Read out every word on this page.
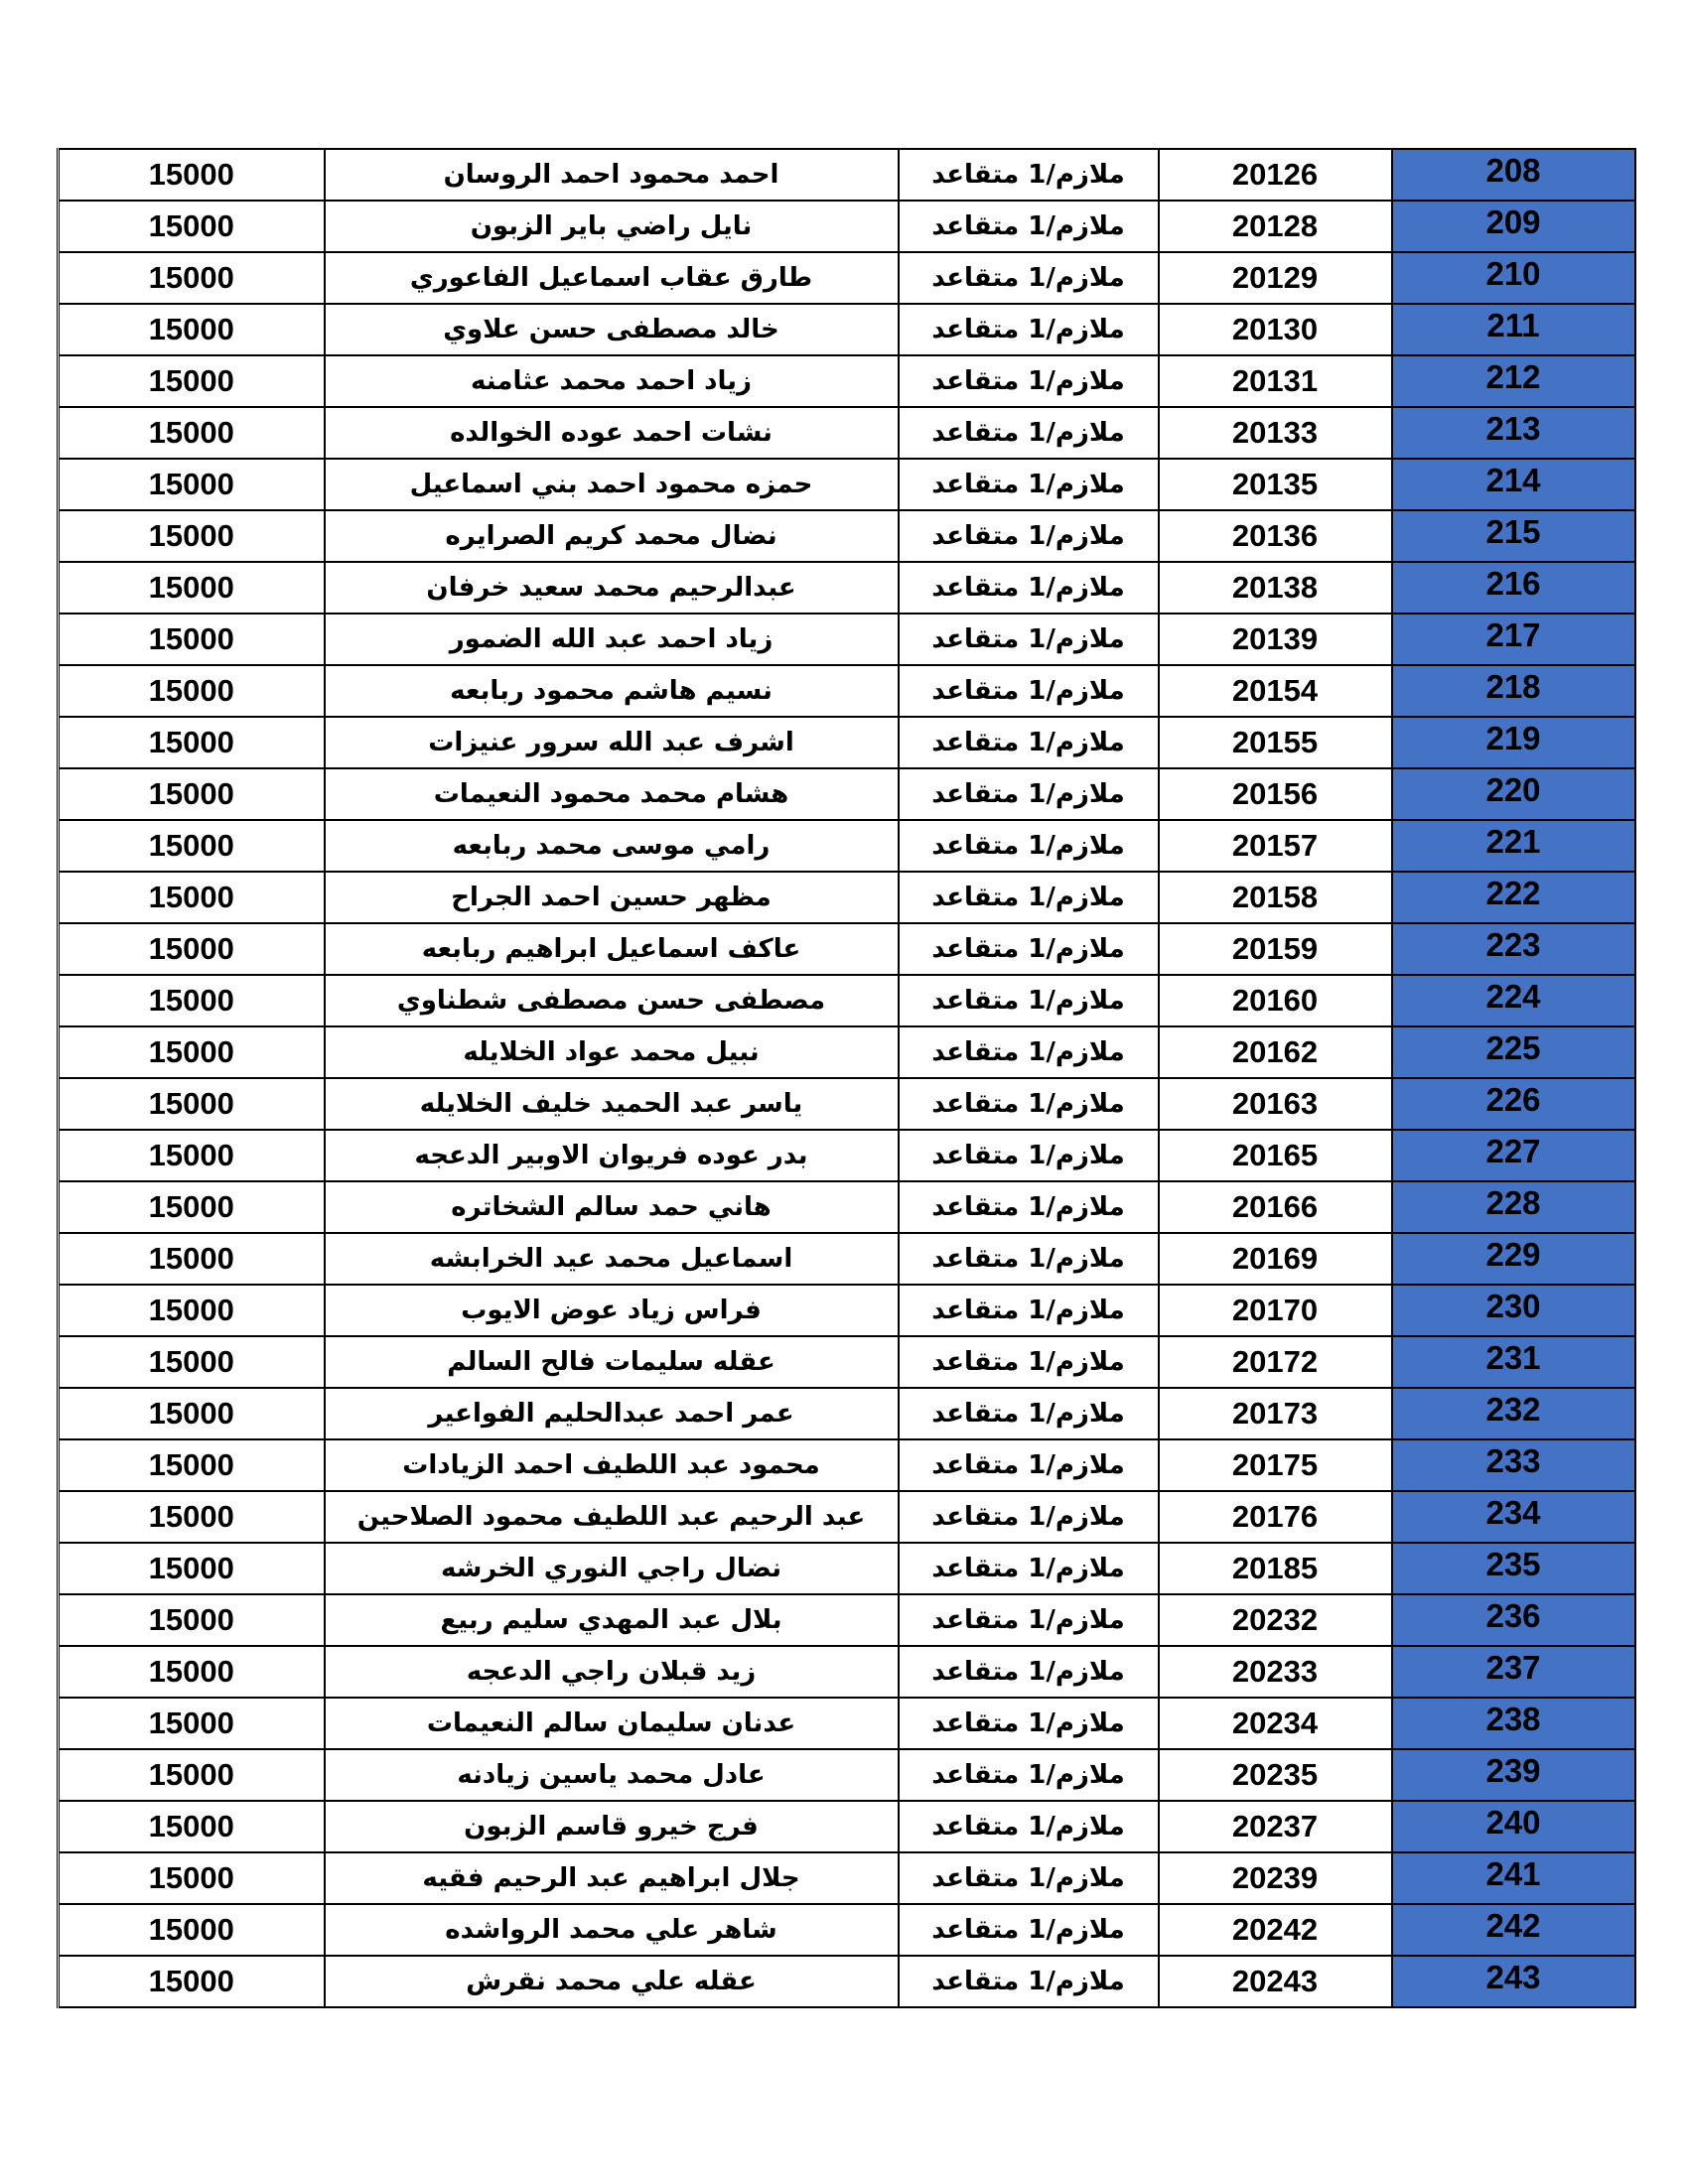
15000	احمد محمود احمد الروسان	ملازم/1 متقاعد	20126	208
15000	نايل راضي باير الزبون	ملازم/1 متقاعد	20128	209
15000	طارق عقاب اسماعيل الفاعوري	ملازم/1 متقاعد	20129	210
15000	خالد مصطفى حسن علاوي	ملازم/1 متقاعد	20130	211
15000	زياد احمد محمد عثامنه	ملازم/1 متقاعد	20131	212
15000	نشات احمد عوده الخوالده	ملازم/1 متقاعد	20133	213
15000	حمزه محمود احمد بني اسماعيل	ملازم/1 متقاعد	20135	214
15000	نضال محمد كريم الصرايره	ملازم/1 متقاعد	20136	215
15000	عبدالرحيم محمد سعيد خرفان	ملازم/1 متقاعد	20138	216
15000	زياد احمد عبد الله الضمور	ملازم/1 متقاعد	20139	217
15000	نسيم هاشم محمود ربابعه	ملازم/1 متقاعد	20154	218
15000	اشرف عبد الله سرور عنيزات	ملازم/1 متقاعد	20155	219
15000	هشام محمد محمود النعيمات	ملازم/1 متقاعد	20156	220
15000	رامي موسى محمد ربابعه	ملازم/1 متقاعد	20157	221
15000	مظهر حسين احمد الجراح	ملازم/1 متقاعد	20158	222
15000	عاكف اسماعيل ابراهيم ربابعه	ملازم/1 متقاعد	20159	223
15000	مصطفى حسن مصطفى شطناوي	ملازم/1 متقاعد	20160	224
15000	نبيل محمد عواد الخلايله	ملازم/1 متقاعد	20162	225
15000	ياسر عبد الحميد خليف الخلايله	ملازم/1 متقاعد	20163	226
15000	بدر عوده فريوان الاوبير الدعجه	ملازم/1 متقاعد	20165	227
15000	هاني حمد سالم الشخاتره	ملازم/1 متقاعد	20166	228
15000	اسماعيل محمد عيد الخرابشه	ملازم/1 متقاعد	20169	229
15000	فراس زياد عوض الايوب	ملازم/1 متقاعد	20170	230
15000	عقله سليمات فالح السالم	ملازم/1 متقاعد	20172	231
15000	عمر احمد عبدالحليم الفواعير	ملازم/1 متقاعد	20173	232
15000	محمود عبد اللطيف احمد الزيادات	ملازم/1 متقاعد	20175	233
15000	عبد الرحيم عبد اللطيف محمود الصلاحين	ملازم/1 متقاعد	20176	234
15000	نضال راجي النوري الخرشه	ملازم/1 متقاعد	20185	235
15000	بلال عبد المهدي سليم ربيع	ملازم/1 متقاعد	20232	236
15000	زيد قبلان راجي الدعجه	ملازم/1 متقاعد	20233	237
15000	عدنان سليمان سالم النعيمات	ملازم/1 متقاعد	20234	238
15000	عادل محمد ياسين زيادنه	ملازم/1 متقاعد	20235	239
15000	فرج خيرو قاسم الزبون	ملازم/1 متقاعد	20237	240
15000	جلال ابراهيم عبد الرحيم فقيه	ملازم/1 متقاعد	20239	241
15000	شاهر علي محمد الرواشده	ملازم/1 متقاعد	20242	242
15000	عقله علي محمد نقرش	ملازم/1 متقاعد	20243	243
